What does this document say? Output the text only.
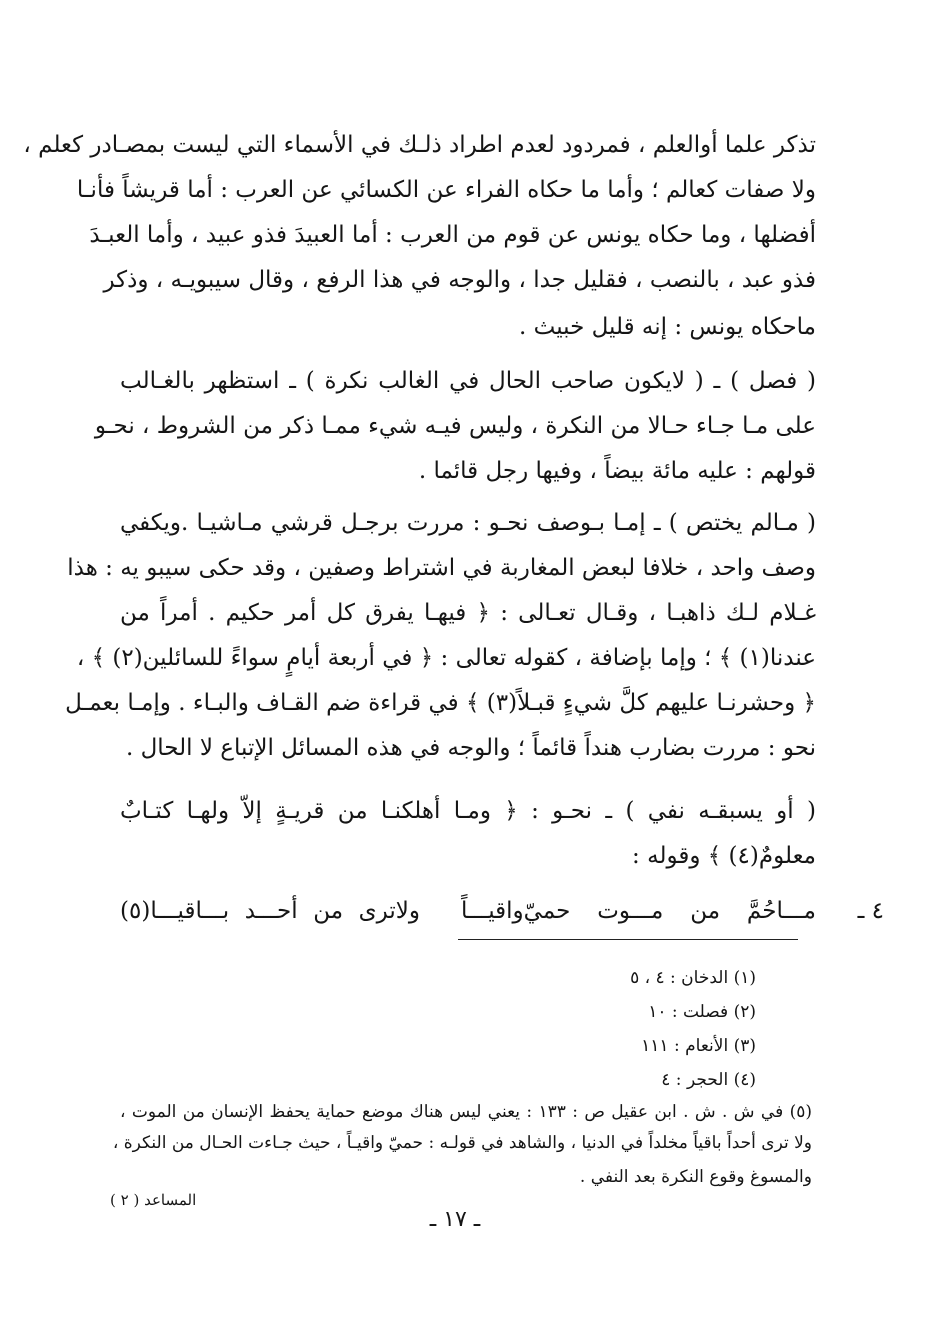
تذكر علما أوالعلم ، فمردود لعدم اطراد ذلـك في الأسماء التي ليست بمصـادر كعلم ،
ولا صفات كعالم ؛ وأما ما حكاه الفراء عن الكسائي عن العرب : أما قريشاً فأنـا
أفضلها ، وما حكاه يونس عن قوم من العرب : أما العبيدَ فذو عبيد ، وأما العبـدَ
فذو عبد ، بالنصب ، فقليل جدا ، والوجه في هذا الرفع ، وقال سيبويـه ، وذكر
ماحكاه يونس : إنه قليل خبيث .
( فصل ) ـ ( لايكون صاحب الحال في الغالب نكرة ) ـ استظهر بالغـالب
على مـا جـاء حـالا من النكرة ، وليس فيـه شيء ممـا ذكر من الشروط ، نحـو
قولهم : عليه مائة بيضاً ، وفيها رجل قائما .
( مـالم يختص ) ـ إمـا بـوصف نحـو : مررت برجـل قرشي مـاشيـا .ويكفي
وصف واحد ، خلافا لبعض المغاربة في اشتراط وصفين ، وقد حكى سيبو يه : هذا
غـلام لـك ذاهبـا ، وقـال تعـالى : ﴿ فيهـا يفرق كل أمر حكيم . أمراً من
عندنا(١) ﴾ ؛ وإما بإضافة ، كقوله تعالى : ﴿ في أربعة أيامٍ سواءً للسائلين(٢) ﴾ ،
﴿ وحشرنـا عليهم كلَّ شيءٍ قبـلاً(٣) ﴾ في قراءة ضم القـاف والبـاء . وإمـا بعمـل
نحو : مررت بضارب هنداً قائماً ؛ والوجه في هذه المسائل الإتباع لا الحال .
( أو يسبقـه نفي ) ـ نحـو : ﴿ ومـا أهلكنـا من قريـةٍ إلاّ ولهـا كتـابٌ
معلومٌ(٤) ﴾ وقوله :
٤ ـ
مـــاحُمَّ من مـــوت حميّ‌واقيـــاً
ولاترى من أحـــد بـــاقيـــا(٥)
(١) الدخان : ٤ ، ٥
(٢) فصلت : ١٠
(٣) الأنعام : ١١١
(٤) الحجر : ٤
(٥) في ش . ش . ابن عقيل ص : ١٣٣ : يعني ليس هناك موضع حماية يحفظ الإنسان من الموت ،
ولا ترى أحداً باقياً مخلداً في الدنيا ، والشاهد في قولـه : حميّ واقيـاً ، حيث جـاءت الحـال من النكرة ،
والمسوغ وقوع النكرة بعد النفي .
المساعد ( ٢ )
ـ ١٧ ـ
